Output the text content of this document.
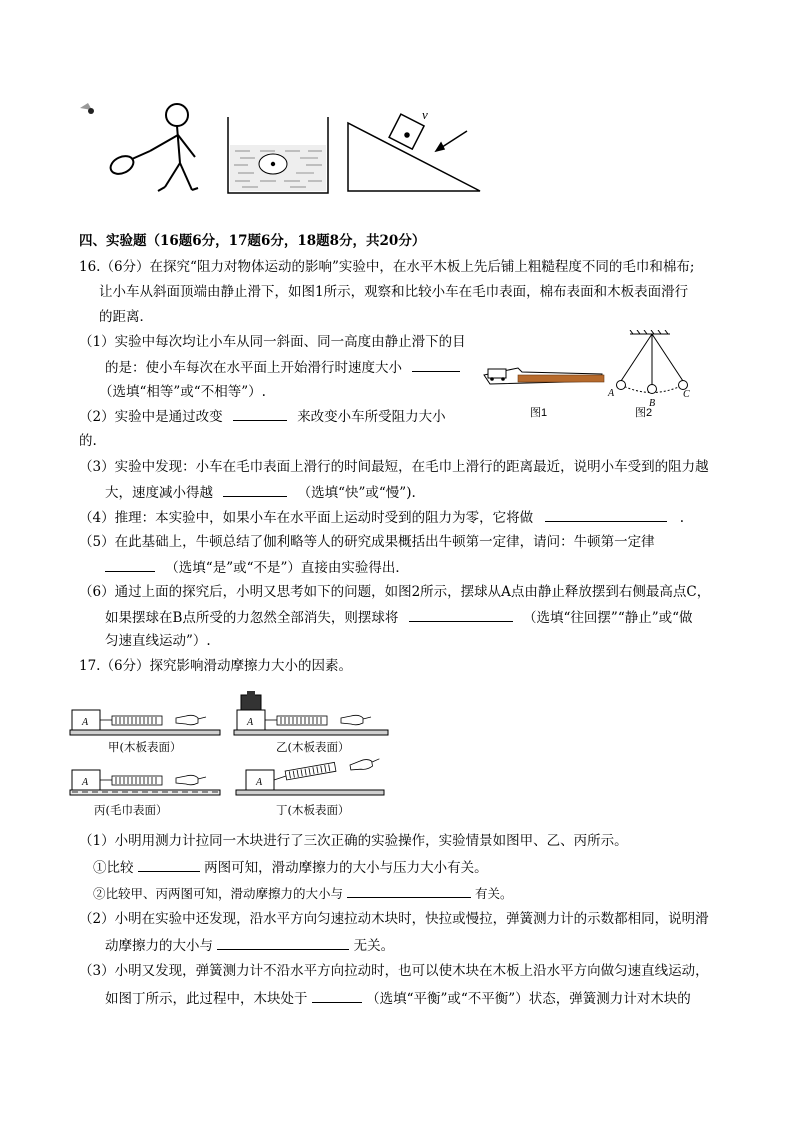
v
四、实验题（16题6分，17题6分，18题8分，共20分）
16.（6分）在探究“阻力对物体运动的影响”实验中，在水平木板上先后铺上粗糙程度不同的毛巾和棉布;
让小车从斜面顶端由静止滑下，如图1所示，观察和比较小车在毛巾表面，棉布表面和木板表面滑行
的距离．
（1）实验中每次均让小车从同一斜面、同一高度由静止滑下的目
的是：使小车每次在水平面上开始滑行时速度大小
（选填“相等”或“不相等”）.
（2）实验中是通过改变	来改变小车所受阻力大小
的.
图1
A
B
C
图2
（3）实验中发现：小车在毛巾表面上滑行的时间最短，在毛巾上滑行的距离最近，说明小车受到的阻力越
大，速度减小得越	（选填“快”或“慢”).
（4）推理：本实验中，如果小车在水平面上运动时受到的阻力为零，它将做	.
（5）在此基础上，牛顿总结了伽利略等人的研究成果概括出牛顿第一定律，请问：牛顿第一定律
（选填“是”或“不是”）直接由实验得出．
（6）通过上面的探究后，小明又思考如下的问题，如图2所示，摆球从A点由静止释放摆到右侧最高点C，
如果摆球在B点所受的力忽然全部消失，则摆球将	（选填“往回摆”“静止”或“做
匀速直线运动”）.
17.（6分）探究影响滑动摩擦力大小的因素。
A
甲(木板表面）
A
乙(木板表面）
A
丙(毛巾表面）
A
丁(木板表面）
（1）小明用测力计拉同一木块进行了三次正确的实验操作，实验情景如图甲、乙、丙所示。
①比较	两图可知，滑动摩擦力的大小与压力大小有关。
②比较甲、丙两图可知，滑动摩擦力的大小与	有关。
（2）小明在实验中还发现，沿水平方向匀速拉动木块时，快拉或慢拉，弹簧测力计的示数都相同，说明滑
动摩擦力的大小与	无关。
（3）小明又发现，弹簧测力计不沿水平方向拉动时，也可以使木块在木板上沿水平方向做匀速直线运动，
如图丁所示，此过程中，木块处于	（选填“平衡”或“不平衡”）状态，弹簧测力计对木块的
